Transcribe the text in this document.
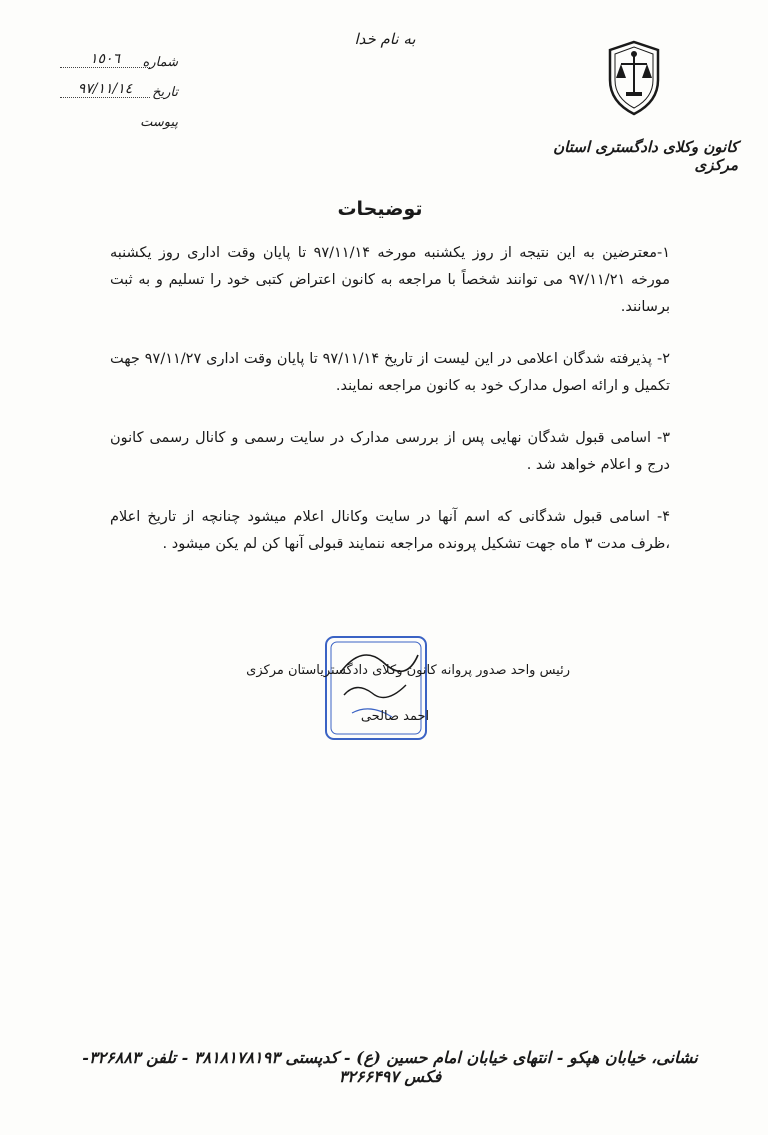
به نام خدا
کانون وکلای دادگستری استان مرکزی
شماره
١٥٠٦
تاریخ
٩٧/١١/١٤
پیوست
توضیحات

۱-معترضین به این نتیجه از روز یکشنبه مورخه ۹۷/۱۱/۱۴ تا پایان وقت اداری روز یکشنبه مورخه ۹۷/۱۱/۲۱ می توانند شخصاً با مراجعه به کانون اعتراض کتبی خود را تسلیم و به ثبت برسانند.

۲- پذیرفته شدگان اعلامی در این لیست از تاریخ ۹۷/۱۱/۱۴ تا پایان وقت اداری ۹۷/۱۱/۲۷ جهت تکمیل و ارائه اصول مدارک خود به کانون مراجعه نمایند.

۳- اسامی قبول شدگان نهایی پس از بررسی مدارک در سایت رسمی و کانال رسمی کانون درج و اعلام خواهد شد .

۴- اسامی قبول شدگانی که اسم آنها در سایت وکانال اعلام میشود چنانچه از تاریخ اعلام ،ظرف مدت ۳ ماه جهت تشکیل پرونده مراجعه ننمایند قبولی آنها کن لم یکن میشود .

رئیس واحد صدور پروانه کانون وکلای دادگستریاستان مرکزی
احمد صالحی
نشانی، خیابان هپکو - انتهای خیابان امام حسین (ع) - کدپستی ۳۸۱۸۱۷۸۱۹۳ - تلفن ۳۲۶۸۸۳- فکس ۳۲۶۶۴۹۷
